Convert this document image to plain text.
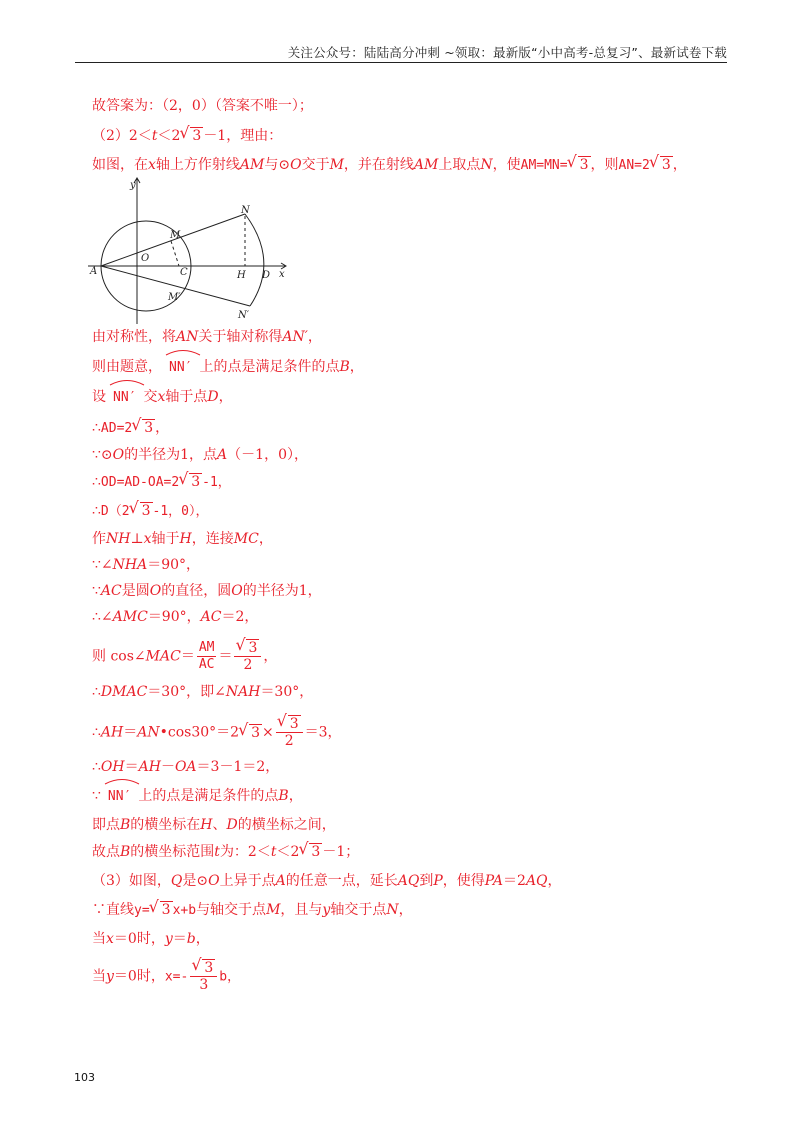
关注公众号：陆陆高分冲刺 ~领取：最新版“小中高考-总复习”、最新试卷下载
故答案为：（2，0）（答案不唯一）；
（2）2＜t＜2 √ 3 －1，理由：
如图，在x轴上方作射线AM与⊙O交于M，并在射线AM上取点N，使AM=MN= √ 3 ，则AN=2 √ 3 ，
y
x
A
O
C
M
M′
N
N′
H D
由对称性，将AN关于轴对称得AN′，
则由题意， NN′ 上的点是满足条件的点B，
设 NN′ 交x轴于点D，
∴AD=2 √ 3 ，
∵⊙O的半径为1，点A（－1，0），
∴OD=AD-OA=2 √ 3 -1，
∴D（2 √ 3 -1，0），
作NH⊥x轴于H，连接MC，
∵∠NHA＝90°，
∵AC是圆O的直径，圆O的半径为1，
∴∠AMC＝90°，AC＝2，
则 cos∠MAC＝ $\frac{AM}{AC}$ ＝ √ $\frac{3}{2}$ ，
∴DMAC＝30°，即∠NAH＝30°，
∴AH＝AN•cos30°＝2 √ 3 × √ $\frac{3}{2} =3$，
∴OH＝AH－OA＝3－1＝2，
∵ NN′ 上的点是满足条件的点B，
即点B的横坐标在H、D的横坐标之间，
故点B的横坐标范围t为：2＜t＜2 √ 3 －1；
（3）如图，Q是⊙O上异于点A的任意一点，延长AQ到P，使得PA＝2AQ，
∵直线y= √ 3 x+b与轴交于点M，且与y轴交于点N，
当x＝0时，y＝b，
当y＝0时，x=- √ $\frac{3}{3}$ b，
103
